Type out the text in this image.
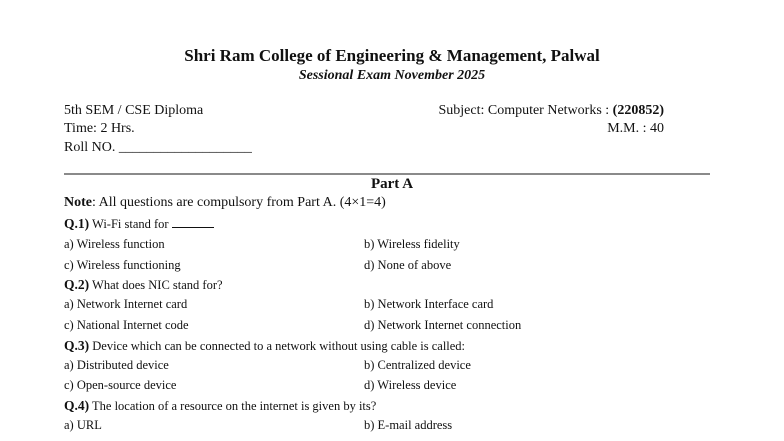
Shri Ram College of Engineering & Management, Palwal
Sessional Exam November 2025
5th SEM / CSE Diploma	Subject: Computer Networks : (220852)
Time: 2 Hrs.	M.M. : 40
Roll NO. ___________________
Part A
Note: All questions are compulsory from Part A. (4×1=4)
Q.1) Wi-Fi stand for
a) Wireless function	b) Wireless fidelity
c) Wireless functioning	d) None of above
Q.2) What does NIC stand for?
a) Network Internet card	b) Network Interface card
c) National Internet code	d) Network Internet connection
Q.3) Device which can be connected to a network without using cable is called:
a) Distributed device	b) Centralized device
c) Open-source device	d) Wireless device
Q.4) The location of a resource on the internet is given by its?
a) URL	b) E-mail address
